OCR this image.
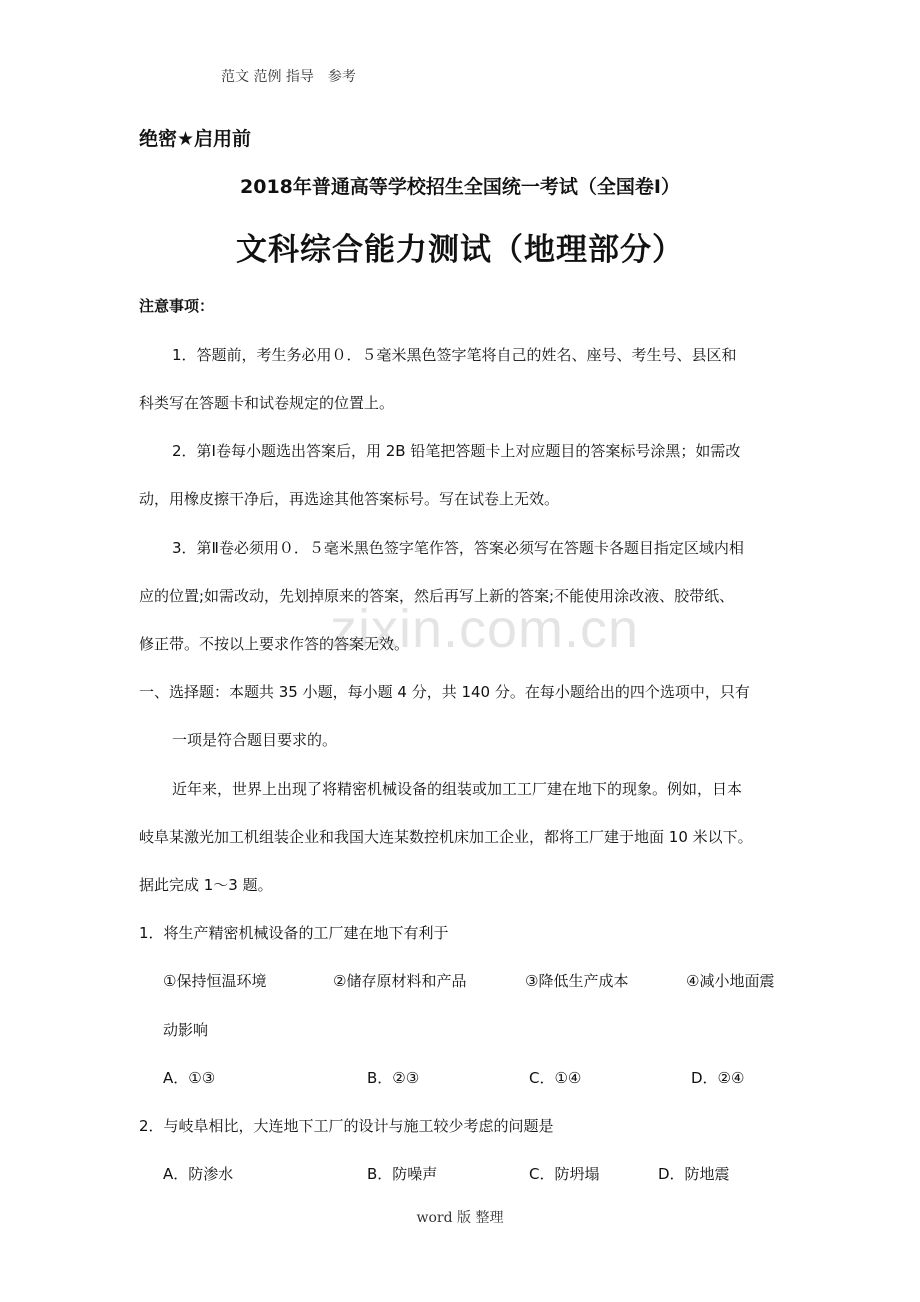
范文 范例 指导　参考
绝密★启用前
2018年普通高等学校招生全国统一考试（全国卷Ⅰ）
文科综合能力测试（地理部分）
注意事项：
1．答题前，考生务必用０．５毫米黑色签字笔将自己的姓名、座号、考生号、县区和
科类写在答题卡和试卷规定的位置上。
2．第Ⅰ卷每小题选出答案后，用 2B 铅笔把答题卡上对应题目的答案标号涂黑；如需改
动，用橡皮擦干净后，再选途其他答案标号。写在试卷上无效。
3．第Ⅱ卷必须用０．５毫米黑色签字笔作答，答案必须写在答题卡各题目指定区域内相
应的位置;如需改动，先划掉原来的答案，然后再写上新的答案;不能使用涂改液、胶带纸、
修正带。不按以上要求作答的答案无效。
zixin.com.cn
一、选择题：本题共 35 小题，每小题 4 分，共 140 分。在每小题给出的四个选项中，只有
一项是符合题目要求的。
近年来，世界上出现了将精密机械设备的组装或加工工厂建在地下的现象。例如，日本
岐阜某激光加工机组装企业和我国大连某数控机床加工企业，都将工厂建于地面 10 米以下。
据此完成 1～3 题。
1．将生产精密机械设备的工厂建在地下有利于
①保持恒温环境	②储存原材料和产品	③降低生产成本	④减小地面震
动影响
A．①③	B．②③	C．①④	D．②④
2．与岐阜相比，大连地下工厂的设计与施工较少考虑的问题是
A．防渗水	B．防噪声	C．防坍塌	D．防地震
word 版 整理
